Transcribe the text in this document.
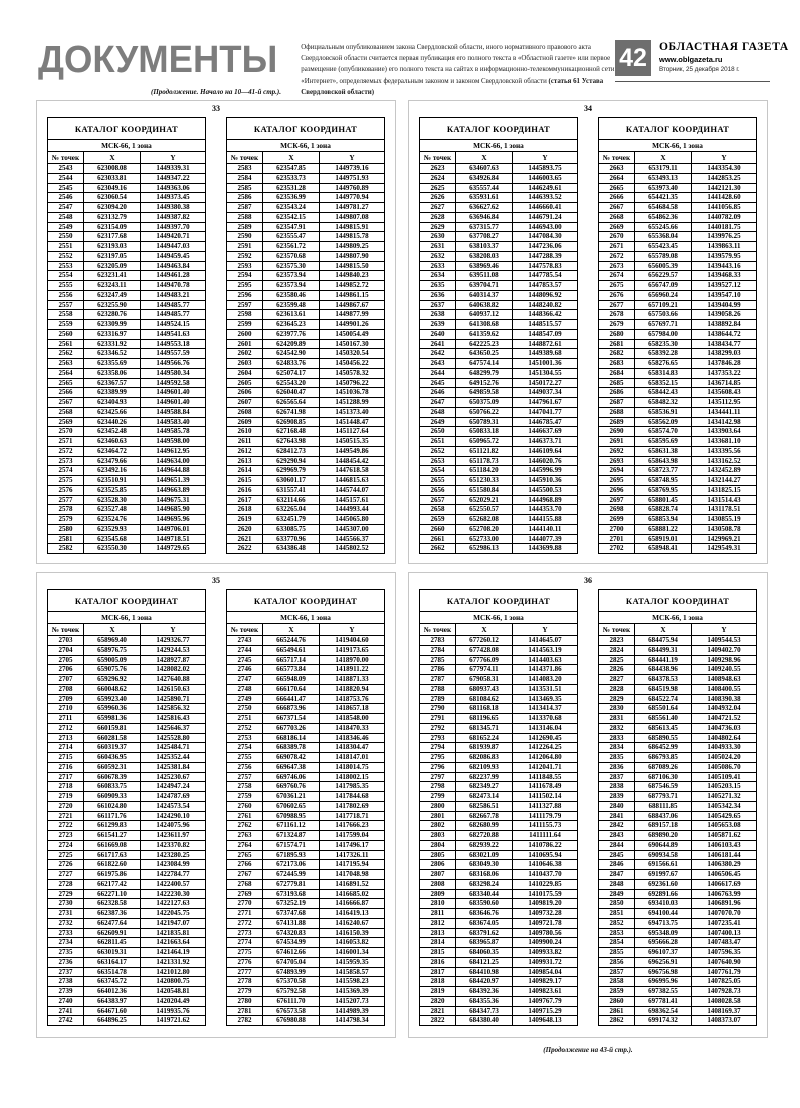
ДОКУМЕНТЫ	Официальным опубликованием закона Свердловской области, иного нормативного правового акта Свердловской области считается первая публикация его полного текста в «Областной газете» или первое размещение (опубликование) его полного текста на сайтах в информационно-телекоммуникационной сети «Интернет», определяемых федеральным законом и законом Свердловской области (статья 61 Устава Свердловской области)
42	ОБЛАСТНАЯ ГАЗЕТА
www.oblgazeta.ru
Вторник, 25 декабря 2018 г.
(Продолжение. Начало на 10—41-й стр.).
33
КАТАЛОГ КООРДИНАТ		
МСК-66, 1 зона		
№ точек	X	Y
2543	623008.08	1449339.31
2544	623033.81	1449347.22
2545	623049.16	1449363.06
2546	623060.54	1449373.45
2547	623094.20	1449380.38
2548	623132.79	1449387.82
2549	623154.09	1449397.70
2550	623177.68	1449420.71
2551	623193.03	1449447.03
2552	623197.05	1449459.45
2553	623205.09	1449463.84
2554	623231.41	1449461.28
2555	623243.11	1449470.78
2556	623247.49	1449483.21
2557	623255.90	1449485.77
2558	623280.76	1449485.77
2559	623309.99	1449524.15
2560	623316.97	1449541.63
2561	623331.92	1449553.18
2562	623346.52	1449557.59
2563	623355.69	1449566.76
2564	623358.06	1449580.34
2565	623367.57	1449592.58
2566	623389.99	1449601.40
2567	623404.93	1449601.40
2568	623425.66	1449588.84
2569	623440.26	1449583.40
2570	623452.48	1449585.78
2571	623460.63	1449598.00
2572	623464.72	1449612.95
2573	623479.66	1449634.00
2574	623492.16	1449644.88
2575	623510.91	1449651.39
2576	623525.85	1449663.89
2577	623528.30	1449675.31
2578	623527.48	1449685.90
2579	623524.76	1449695.96
2580	623529.93	1449706.01
2581	623545.68	1449718.51
2582	623550.30	1449729.65
КАТАЛОГ КООРДИНАТ		
МСК-66, 1 зона		
№ точек	X	Y
2583	623547.85	1449739.16
2584	623533.73	1449751.93
2585	623531.28	1449760.89
2586	623536.99	1449770.94
2587	623543.24	1449781.27
2588	623542.15	1449807.08
2589	623547.91	1449815.91
2590	623555.47	1449815.78
2591	623561.72	1449809.25
2592	623570.68	1449807.90
2593	623575.30	1449815.50
2594	623573.94	1449840.23
2595	623573.94	1449852.72
2596	623580.46	1449861.15
2597	623599.48	1449867.67
2598	623613.61	1449877.99
2599	623645.23	1449901.26
2600	623977.76	1450054.49
2601	624209.89	1450167.30
2602	624542.90	1450320.54
2603	624833.76	1450456.22
2604	625074.17	1450578.32
2605	625543.20	1450796.22
2606	626040.47	1451036.78
2607	626565.64	1451288.99
2608	626741.98	1451373.40
2609	626908.85	1451448.47
2610	627168.48	1451127.64
2611	627643.98	1450515.35
2612	628412.73	1449549.86
2613	629290.94	1448454.42
2614	629969.79	1447618.58
2615	630601.17	1446815.63
2616	631557.41	1445744.07
2617	632114.66	1445157.61
2618	632265.04	1444993.44
2619	632451.79	1445065.80
2620	633085.75	1445307.00
2621	633770.96	1445566.37
2622	634386.48	1445802.52
34
КАТАЛОГ КООРДИНАТ		
МСК-66, 1 зона		
№ точек	X	Y
2623	634607.63	1445893.75
2624	634926.84	1446003.65
2625	635557.44	1446249.61
2626	635931.61	1446393.52
2627	636627.62	1446660.41
2628	636946.84	1446791.24
2629	637315.77	1446943.00
2630	637708.27	1447084.30
2631	638103.37	1447236.06
2632	638208.03	1447288.39
2633	638969.46	1447578.83
2634	639511.08	1447785.54
2635	639704.71	1447853.57
2636	640314.37	1448096.92
2637	640638.82	1448240.82
2638	640937.12	1448366.42
2639	641308.68	1448515.57
2640	641359.62	1448547.09
2641	642225.23	1448872.61
2642	643650.25	1449389.68
2643	647574.14	1451001.36
2644	648299.79	1451304.55
2645	649152.76	1450172.27
2646	649859.58	1449037.34
2647	650375.09	1447961.67
2648	650766.22	1447041.77
2649	650789.31	1446785.47
2650	650833.18	1446637.69
2651	650965.72	1446373.71
2652	651121.82	1446109.64
2653	651178.73	1446020.76
2654	651184.20	1445996.99
2655	651230.33	1445910.36
2656	651580.84	1445500.53
2657	652029.21	1444968.89
2658	652550.57	1444353.70
2659	652682.08	1444155.88
2660	652708.20	1444140.11
2661	652733.00	1444077.39
2662	652986.13	1443699.88
КАТАЛОГ КООРДИНАТ		
МСК-66, 1 зона		
№ точек	X	Y
2663	653179.11	1443354.30
2664	653493.13	1442853.25
2665	653973.40	1442121.30
2666	654421.35	1441428.60
2667	654684.58	1441056.85
2668	654862.36	1440782.09
2669	655245.66	1440181.75
2670	655368.04	1439976.25
2671	655423.45	1439863.11
2672	655789.08	1439579.95
2673	656005.39	1439443.16
2674	656229.57	1439468.33
2675	656747.09	1439527.12
2676	656960.24	1439547.10
2677	657109.21	1439404.99
2678	657503.66	1439058.26
2679	657697.71	1438892.84
2680	657984.00	1438644.72
2681	658235.30	1438434.77
2682	658392.28	1438299.03
2683	658276.65	1437846.28
2684	658314.83	1437353.22
2685	658352.15	1436714.85
2686	658442.43	1435608.43
2687	658482.32	1435112.95
2688	658536.91	1434441.11
2689	658562.09	1434142.98
2690	658574.70	1433903.64
2691	658595.69	1433681.10
2692	658631.38	1433395.56
2693	658643.98	1433162.52
2694	658723.77	1432452.89
2695	658748.95	1432144.27
2696	658769.95	1431825.15
2697	658801.45	1431514.43
2698	658828.74	1431178.51
2699	658853.94	1430855.19
2700	658881.22	1430508.78
2701	658919.01	1429969.21
2702	658948.41	1429549.31
35
КАТАЛОГ КООРДИНАТ		
МСК-66, 1 зона		
№ точек	X	Y
2703	658969.40	1429326.77
2704	658976.75	1429244.53
2705	659005.09	1428927.87
2706	659075.76	1428082.02
2707	659296.92	1427640.88
2708	660048.62	1426150.63
2709	659923.40	1425890.71
2710	659960.36	1425856.32
2711	659981.36	1425816.43
2712	660159.81	1425646.37
2713	660281.58	1425528.80
2714	660319.37	1425484.71
2715	660436.95	1425352.44
2716	660592.31	1425381.84
2717	660678.39	1425230.67
2718	660833.75	1424947.24
2719	660909.33	1424787.69
2720	661024.80	1424573.54
2721	661171.76	1424290.10
2722	661299.83	1424075.96
2723	661541.27	1423611.97
2724	661669.08	1423370.82
2725	661717.63	1423280.25
2726	661822.60	1423084.99
2727	661975.86	1422784.77
2728	662177.42	1422400.57
2729	662271.10	1422230.30
2730	662328.58	1422127.63
2731	662387.36	1422045.75
2732	662477.64	1421947.07
2733	662609.91	1421835.81
2734	662811.45	1421663.64
2735	663019.31	1421464.19
2736	663164.17	1421331.92
2737	663514.78	1421012.80
2738	663745.72	1420800.75
2739	664012.36	1420548.81
2740	664383.97	1420204.49
2741	664671.60	1419935.76
2742	664896.25	1419721.62
КАТАЛОГ КООРДИНАТ		
МСК-66, 1 зона		
№ точек	X	Y
2743	665244.76	1419404.60
2744	665494.61	1419173.65
2745	665717.14	1418970.00
2746	665773.84	1418911.22
2747	665948.09	1418871.33
2748	666170.64	1418820.94
2749	666441.47	1418753.76
2750	666873.96	1418657.18
2751	667371.54	1418548.00
2752	667703.26	1418470.33
2753	668186.14	1418346.46
2754	668389.78	1418304.47
2755	669078.42	1418147.01
2756	669647.38	1418014.75
2757	669746.06	1418002.15
2758	669760.76	1417985.35
2759	670361.21	1417844.68
2760	670602.65	1417802.69
2761	670988.95	1417718.71
2762	671161.12	1417666.23
2763	671324.87	1417599.04
2764	671574.71	1417496.17
2765	671895.93	1417326.11
2766	672173.06	1417195.94
2767	672445.99	1417048.98
2768	672779.81	1416891.52
2769	673193.68	1416685.02
2770	673252.19	1416666.87
2771	673747.68	1416419.13
2772	674131.88	1416240.67
2773	674320.83	1416150.39
2774	674534.99	1416053.82
2775	674612.66	1416001.34
2776	674705.04	1415959.35
2777	674893.99	1415858.57
2778	675370.58	1415598.23
2779	675792.58	1415369.39
2780	676111.70	1415207.73
2781	676573.58	1414989.39
2782	676980.88	1414798.34
36
КАТАЛОГ КООРДИНАТ		
МСК-66, 1 зона		
№ точек	X	Y
2783	677260.12	1414645.07
2784	677428.08	1414563.19
2785	677766.09	1414403.63
2786	677974.11	1414371.86
2787	679058.31	1414083.20
2788	680937.43	1413531.51
2789	681084.62	1413469.35
2790	681168.18	1413414.37
2791	681196.65	1413370.68
2792	681345.71	1413146.04
2793	681652.24	1412690.45
2794	681939.87	1412264.25
2795	682086.83	1412064.80
2796	682109.93	1412041.71
2797	682237.99	1411848.55
2798	682349.27	1411678.49
2799	682473.14	1411502.14
2800	682586.51	1411327.88
2801	682667.78	1411179.79
2802	682680.99	1411155.73
2803	682720.88	1411111.64
2804	682939.22	1410786.22
2805	683021.09	1410695.94
2806	683049.30	1410646.38
2807	683168.06	1410437.70
2808	683298.24	1410229.85
2809	683340.44	1410175.59
2810	683590.60	1409819.20
2811	683646.76	1409732.28
2812	683674.05	1409721.78
2813	683791.62	1409780.56
2814	683965.87	1409900.24
2815	684060.35	1409933.82
2816	684121.25	1409931.72
2817	684410.98	1409854.04
2818	684420.97	1409829.17
2819	684392.36	1409823.61
2820	684355.36	1409767.79
2821	684347.73	1409715.29
2822	684380.40	1409648.13
КАТАЛОГ КООРДИНАТ		
МСК-66, 1 зона		
№ точек	X	Y
2823	684475.94	1409544.53
2824	684499.31	1409402.70
2825	684441.19	1409298.96
2826	684438.96	1409240.55
2827	684378.53	1408948.63
2828	684519.98	1408400.55
2829	684522.74	1408390.38
2830	685501.64	1404932.04
2831	685561.40	1404721.52
2832	685613.45	1404736.03
2833	685890.55	1404802.64
2834	686452.99	1404933.30
2835	686793.85	1405024.20
2836	687089.26	1405086.70
2837	687106.30	1405109.41
2838	687546.59	1405203.15
2839	687793.71	1405271.32
2840	688111.85	1405342.34
2841	688437.06	1405429.65
2842	689157.18	1405653.08
2843	689890.20	1405871.62
2844	690644.89	1406103.43
2845	690934.58	1406181.44
2846	691566.61	1406380.29
2847	691997.67	1406506.45
2848	692361.60	1406617.69
2849	692891.66	1406763.99
2850	693410.03	1406891.96
2851	694100.44	1407070.70
2852	694713.75	1407235.41
2853	695348.09	1407400.13
2854	695666.28	1407483.47
2855	696107.37	1407596.35
2856	696256.91	1407640.90
2857	696756.98	1407761.79
2858	696995.96	1407825.05
2859	697382.55	1407928.73
2860	697781.41	1408028.58
2861	698362.54	1408169.37
2862	699174.32	1408373.07
(Продолжение на 43-й стр.).
